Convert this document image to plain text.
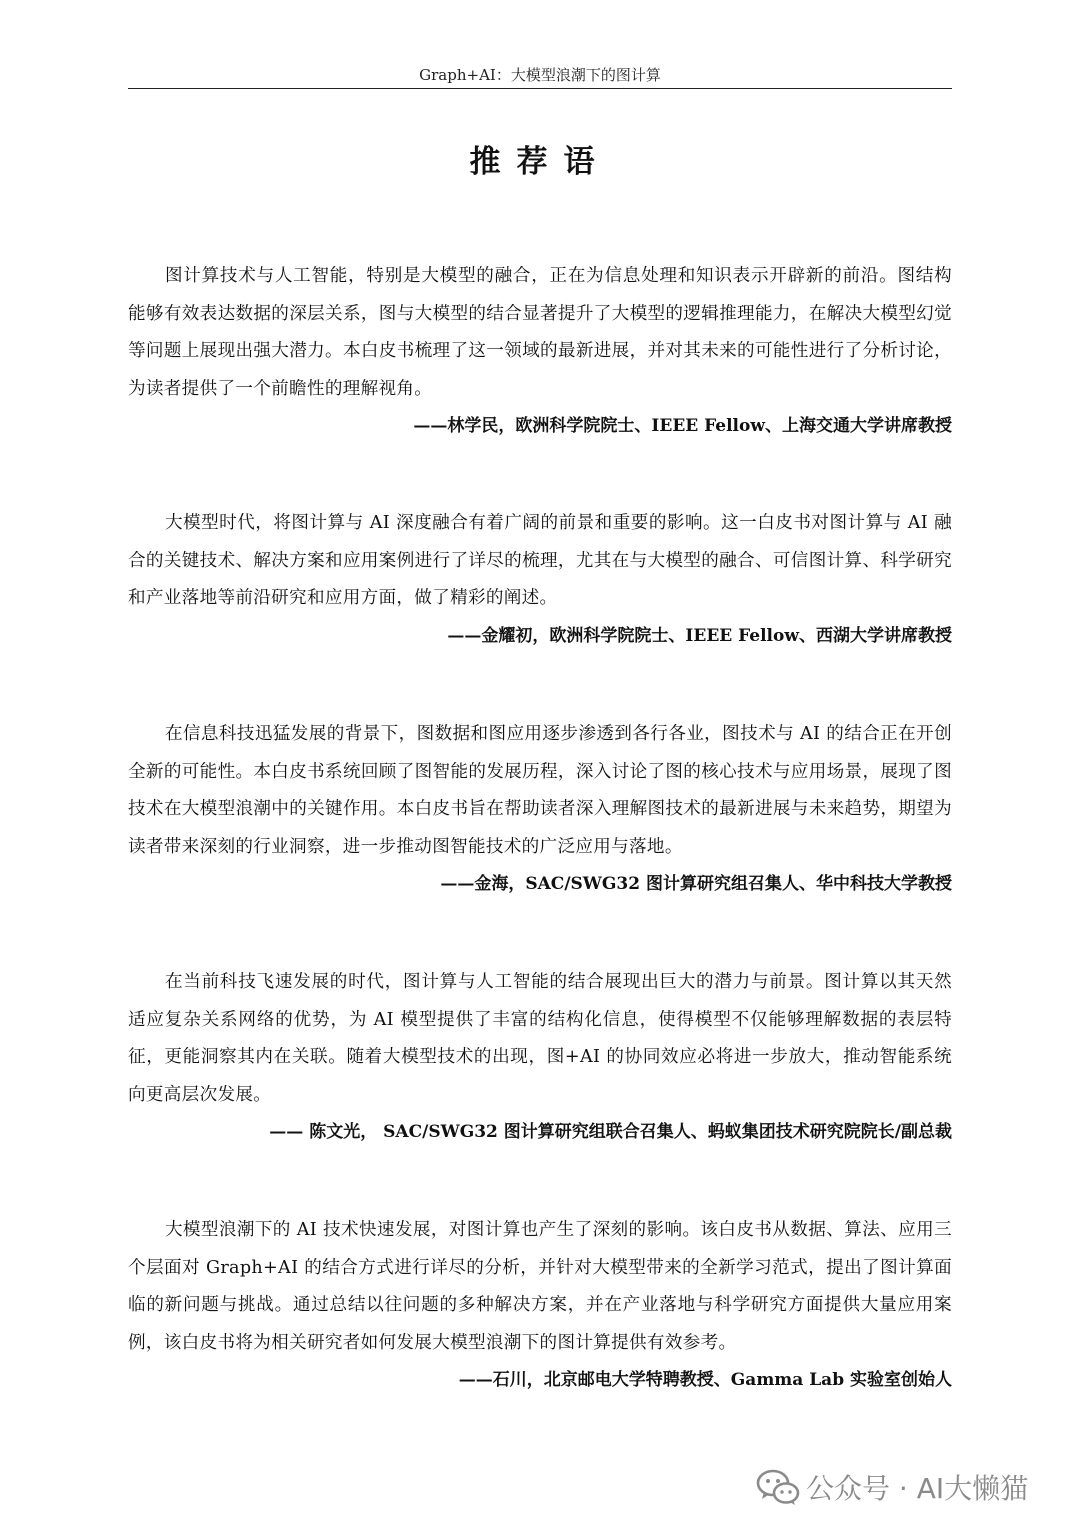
Graph+AI：大模型浪潮下的图计算
推荐语

图计算技术与人工智能，特别是大模型的融合，正在为信息处理和知识表示开辟新的前沿。图结构能够有效表达数据的深层关系，图与大模型的结合显著提升了大模型的逻辑推理能力，在解决大模型幻觉等问题上展现出强大潜力。本白皮书梳理了这一领域的最新进展，并对其未来的可能性进行了分析讨论，为读者提供了一个前瞻性的理解视角。

——林学民，欧洲科学院院士、IEEE Fellow、上海交通大学讲席教授

大模型时代，将图计算与 AI 深度融合有着广阔的前景和重要的影响。这一白皮书对图计算与 AI 融合的关键技术、解决方案和应用案例进行了详尽的梳理，尤其在与大模型的融合、可信图计算、科学研究和产业落地等前沿研究和应用方面，做了精彩的阐述。

——金耀初，欧洲科学院院士、IEEE Fellow、西湖大学讲席教授

在信息科技迅猛发展的背景下，图数据和图应用逐步渗透到各行各业，图技术与 AI 的结合正在开创全新的可能性。本白皮书系统回顾了图智能的发展历程，深入讨论了图的核心技术与应用场景，展现了图技术在大模型浪潮中的关键作用。本白皮书旨在帮助读者深入理解图技术的最新进展与未来趋势，期望为读者带来深刻的行业洞察，进一步推动图智能技术的广泛应用与落地。

——金海，SAC/SWG32 图计算研究组召集人、华中科技大学教授

在当前科技飞速发展的时代，图计算与人工智能的结合展现出巨大的潜力与前景。图计算以其天然适应复杂关系网络的优势，为 AI 模型提供了丰富的结构化信息，使得模型不仅能够理解数据的表层特征，更能洞察其内在关联。随着大模型技术的出现，图+AI 的协同效应必将进一步放大，推动智能系统向更高层次发展。

—— 陈文光， SAC/SWG32 图计算研究组联合召集人、蚂蚁集团技术研究院院长/副总裁

大模型浪潮下的 AI 技术快速发展，对图计算也产生了深刻的影响。该白皮书从数据、算法、应用三个层面对 Graph+AI 的结合方式进行详尽的分析，并针对大模型带来的全新学习范式，提出了图计算面临的新问题与挑战。通过总结以往问题的多种解决方案，并在产业落地与科学研究方面提供大量应用案例，该白皮书将为相关研究者如何发展大模型浪潮下的图计算提供有效参考。

——石川，北京邮电大学特聘教授、Gamma Lab 实验室创始人

公众号 · AI大懒猫
